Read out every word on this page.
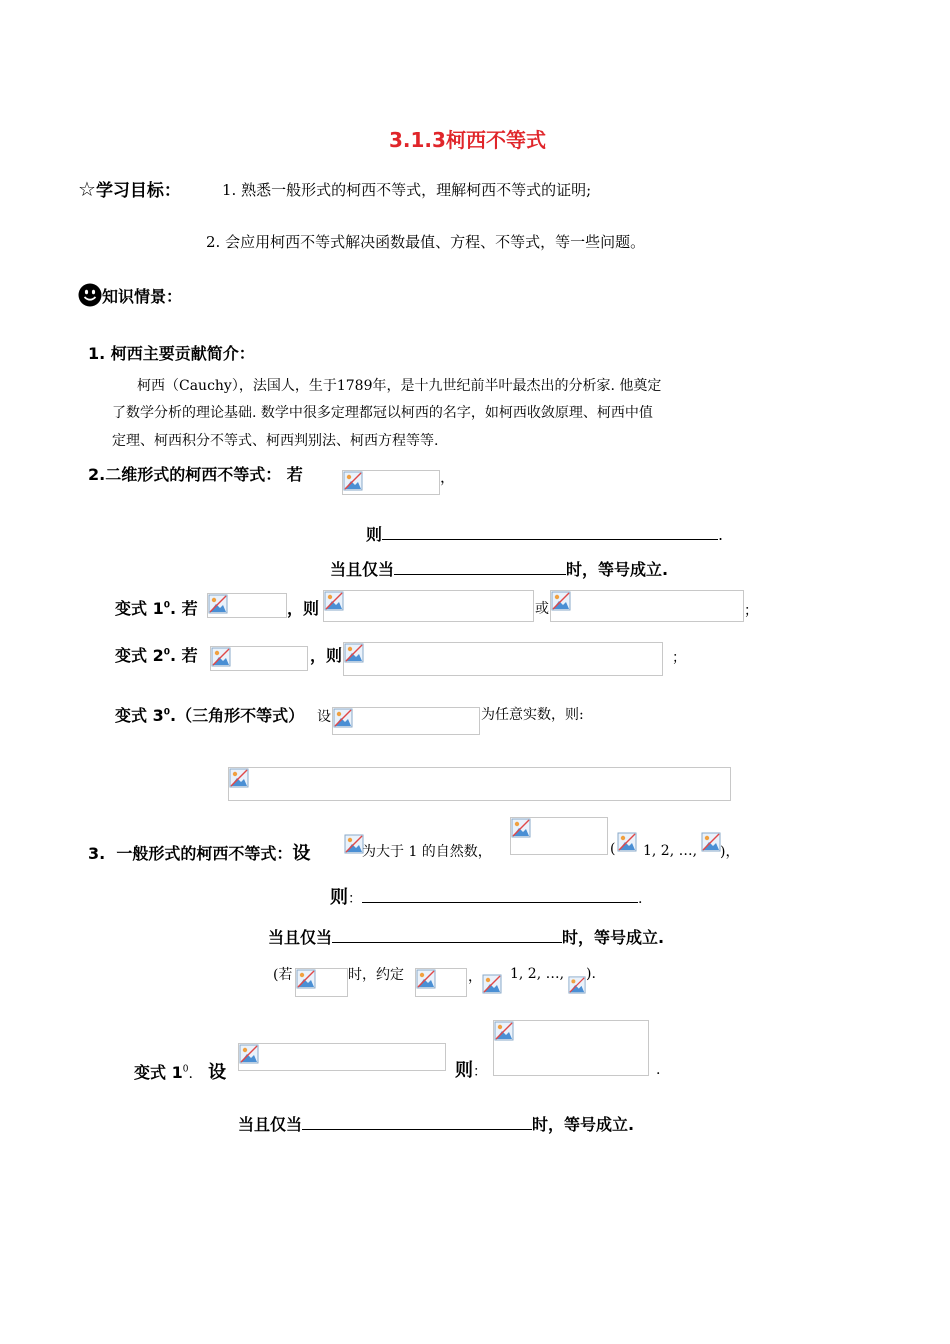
3.1.3柯西不等式
☆学习目标：	1. 熟悉一般形式的柯西不等式，理解柯西不等式的证明;
2. 会应用柯西不等式解决函数最值、方程、不等式，等一些问题。
知识情景：
1. 柯西主要贡献简介：
柯西（Cauchy），法国人，生于1789年，是十九世纪前半叶最杰出的分析家. 他奠定
了数学分析的理论基础. 数学中很多定理都冠以柯西的名字，如柯西收敛原理、柯西中值
定理、柯西积分不等式、柯西判别法、柯西方程等等.
2.二维形式的柯西不等式： 若	，
则	.
当且仅当	时，等号成立.
变式 $1^0$. 若	，则	或	；
变式 $2^0$. 若	，则	；
变式 $3^0$.（三角形不等式） 设	为任意实数，则:
3. 一般形式的柯西不等式：设	为大于 1 的自然数，	( 1, 2, …, )，
则：	.
当且仅当	时，等号成立.
(若	时，约定	， 1, 2, …, ).
变式 $1^0$. 设	则：	.
当且仅当	时，等号成立.
